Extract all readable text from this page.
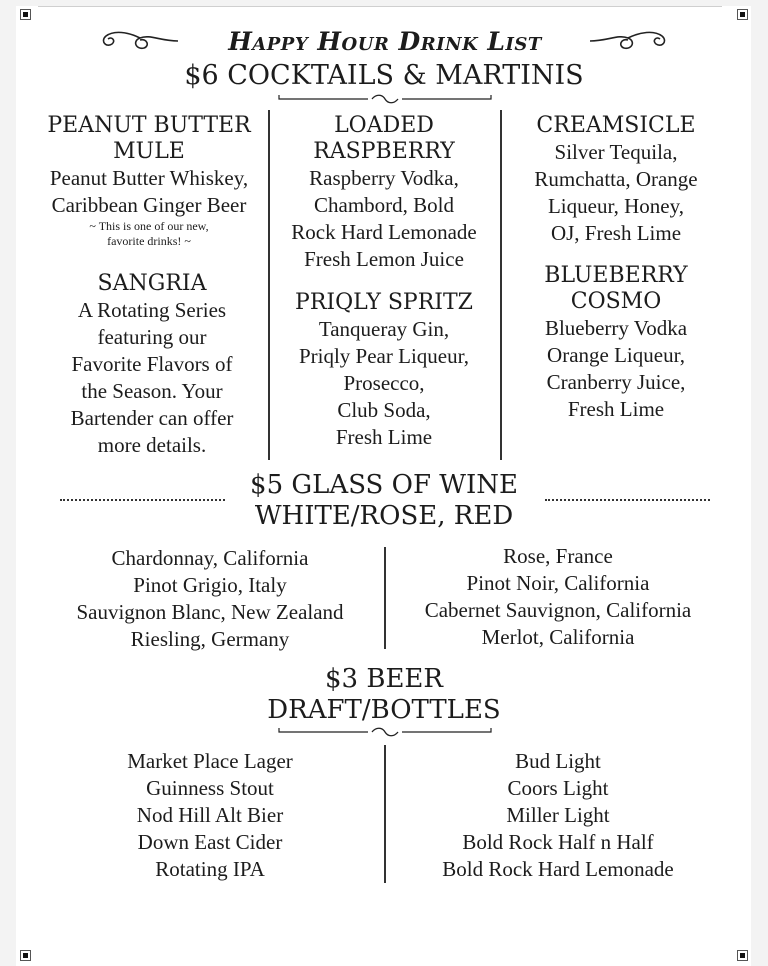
Happy Hour Drink List
$6 COCKTAILS & MARTINIS
PEANUT BUTTER
MULE
Peanut Butter Whiskey,
Caribbean Ginger Beer
~ This is one of our new,
favorite drinks! ~
SANGRIA
A Rotating Series
featuring our
Favorite Flavors of
the Season. Your
Bartender can offer
more details.
LOADED
RASPBERRY
Raspberry Vodka,
Chambord, Bold
Rock Hard Lemonade
Fresh Lemon Juice
PRIQLY SPRITZ
Tanqueray Gin,
Priqly Pear Liqueur,
Prosecco,
Club Soda,
Fresh Lime
CREAMSICLE
Silver Tequila,
Rumchatta, Orange
Liqueur, Honey,
OJ, Fresh Lime
BLUEBERRY
COSMO
Blueberry Vodka
Orange Liqueur,
Cranberry Juice,
Fresh Lime
$5 GLASS OF WINE
WHITE/ROSE, RED
Chardonnay, California
Pinot Grigio, Italy
Sauvignon Blanc, New Zealand
Riesling, Germany
Rose, France
Pinot Noir, California
Cabernet Sauvignon, California
Merlot, California
$3 BEER
DRAFT/BOTTLES
Market Place Lager
Guinness Stout
Nod Hill Alt Bier
Down East Cider
Rotating IPA
Bud Light
Coors Light
Miller Light
Bold Rock Half n Half
Bold Rock Hard Lemonade
